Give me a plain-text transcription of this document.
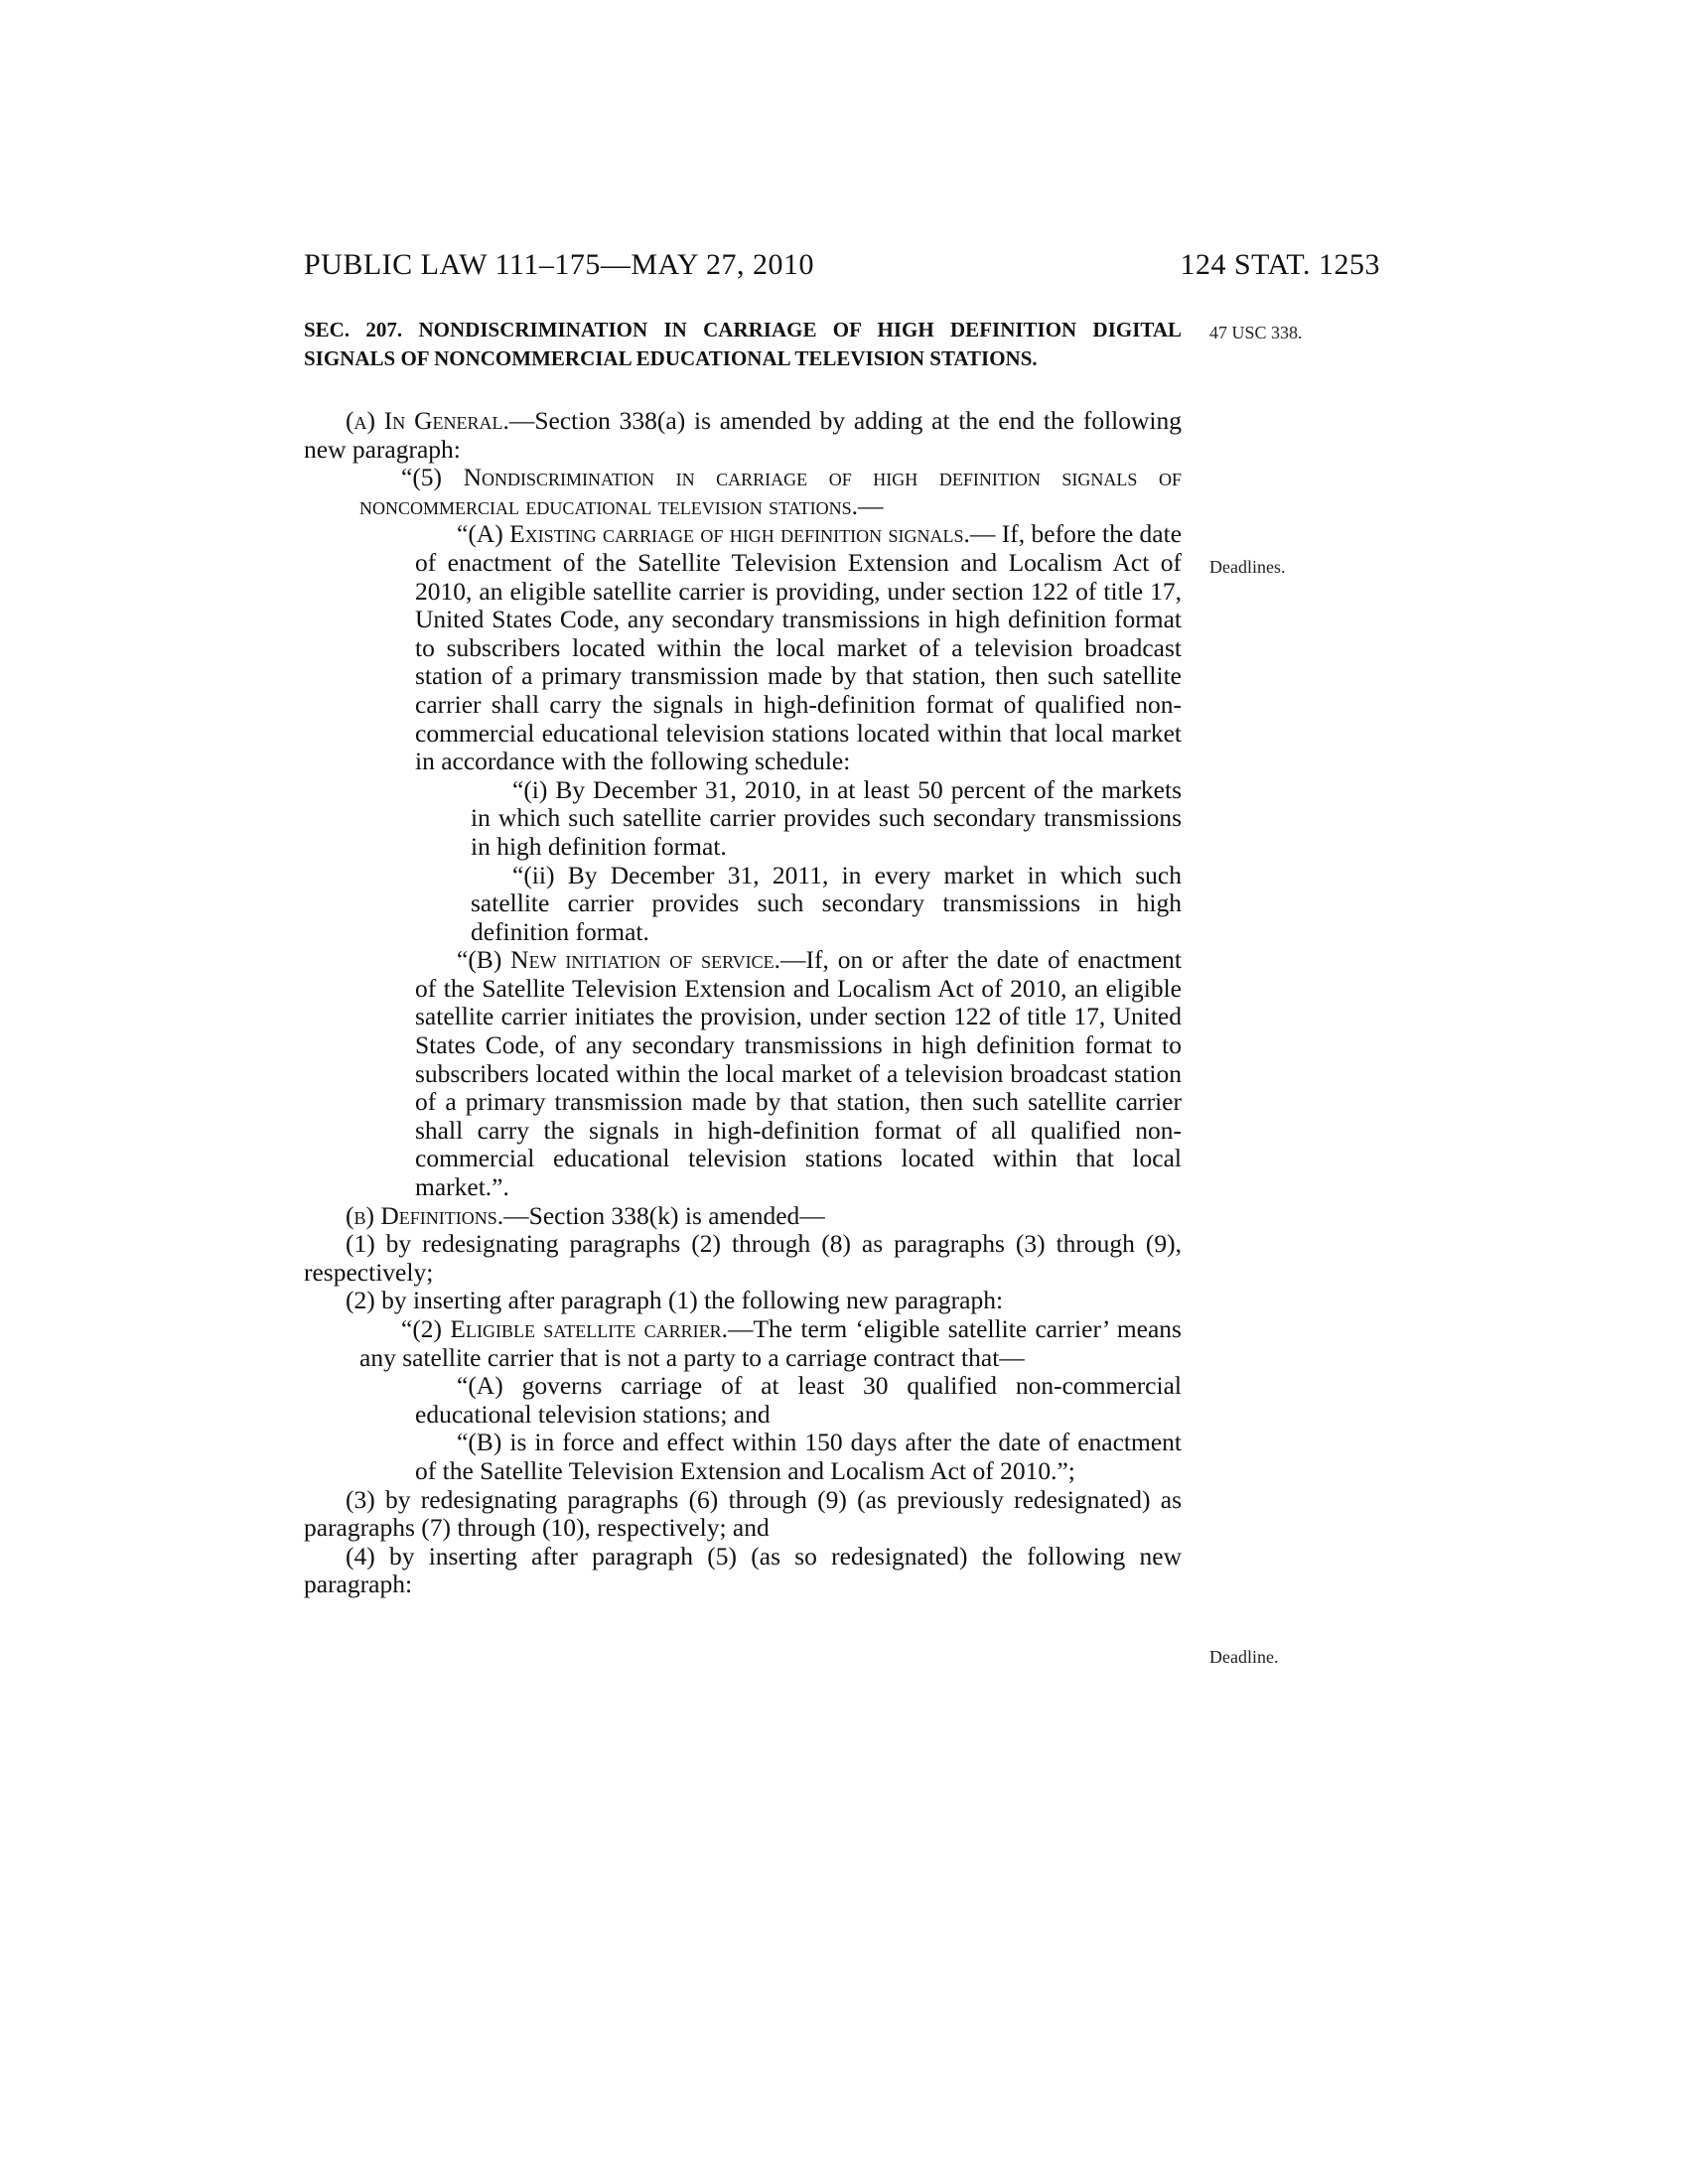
PUBLIC LAW 111–175—MAY 27, 2010	124 STAT. 1253
SEC. 207. NONDISCRIMINATION IN CARRIAGE OF HIGH DEFINITION DIGITAL SIGNALS OF NONCOMMERCIAL EDUCATIONAL TELEVISION STATIONS.
47 USC 338.
Deadlines.
Deadline.

(a) In General.—Section 338(a) is amended by adding at the end the following new paragraph:

“(5) Nondiscrimination in carriage of high definition signals of noncommercial educational television stations.—

“(A) Existing carriage of high definition signals.— If, before the date of enactment of the Satellite Television Extension and Localism Act of 2010, an eligible satellite carrier is providing, under section 122 of title 17, United States Code, any secondary transmissions in high definition format to subscribers located within the local market of a television broadcast station of a primary transmission made by that station, then such satellite carrier shall carry the signals in high-definition format of qualified non-commercial educational television stations located within that local market in accordance with the following schedule:

“(i) By December 31, 2010, in at least 50 percent of the markets in which such satellite carrier provides such secondary transmissions in high definition format.

“(ii) By December 31, 2011, in every market in which such satellite carrier provides such secondary transmissions in high definition format.

“(B) New initiation of service.—If, on or after the date of enactment of the Satellite Television Extension and Localism Act of 2010, an eligible satellite carrier initiates the provision, under section 122 of title 17, United States Code, of any secondary transmissions in high definition format to subscribers located within the local market of a television broadcast station of a primary transmission made by that station, then such satellite carrier shall carry the signals in high-definition format of all qualified non-commercial educational television stations located within that local market.”.

(b) Definitions.—Section 338(k) is amended—

(1) by redesignating paragraphs (2) through (8) as paragraphs (3) through (9), respectively;

(2) by inserting after paragraph (1) the following new paragraph:

“(2) Eligible satellite carrier.—The term ‘eligible satellite carrier’ means any satellite carrier that is not a party to a carriage contract that—

“(A) governs carriage of at least 30 qualified non-commercial educational television stations; and

“(B) is in force and effect within 150 days after the date of enactment of the Satellite Television Extension and Localism Act of 2010.”;

(3) by redesignating paragraphs (6) through (9) (as previously redesignated) as paragraphs (7) through (10), respectively; and

(4) by inserting after paragraph (5) (as so redesignated) the following new paragraph:
